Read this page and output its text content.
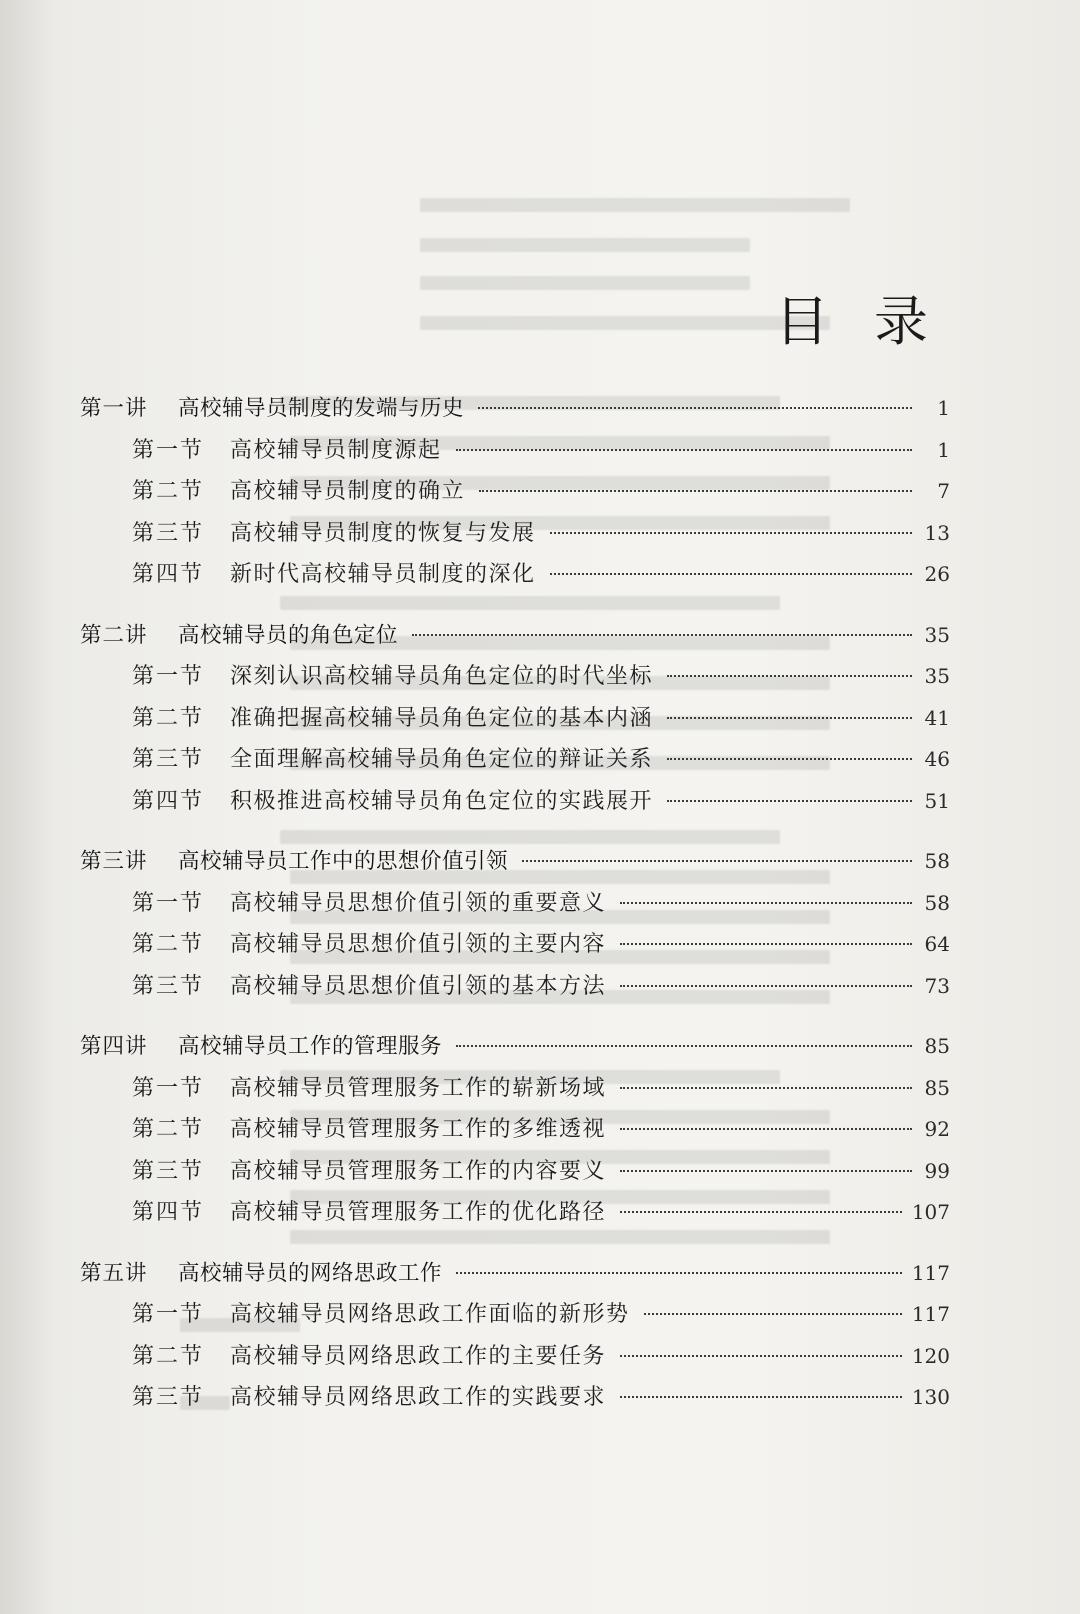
目 录
第一讲	高校辅导员制度的发端与历史	1
第一节	高校辅导员制度源起	1
第二节	高校辅导员制度的确立	7
第三节	高校辅导员制度的恢复与发展	13
第四节	新时代高校辅导员制度的深化	26
第二讲	高校辅导员的角色定位	35
第一节	深刻认识高校辅导员角色定位的时代坐标	35
第二节	准确把握高校辅导员角色定位的基本内涵	41
第三节	全面理解高校辅导员角色定位的辩证关系	46
第四节	积极推进高校辅导员角色定位的实践展开	51
第三讲	高校辅导员工作中的思想价值引领	58
第一节	高校辅导员思想价值引领的重要意义	58
第二节	高校辅导员思想价值引领的主要内容	64
第三节	高校辅导员思想价值引领的基本方法	73
第四讲	高校辅导员工作的管理服务	85
第一节	高校辅导员管理服务工作的崭新场域	85
第二节	高校辅导员管理服务工作的多维透视	92
第三节	高校辅导员管理服务工作的内容要义	99
第四节	高校辅导员管理服务工作的优化路径	107
第五讲	高校辅导员的网络思政工作	117
第一节	高校辅导员网络思政工作面临的新形势	117
第二节	高校辅导员网络思政工作的主要任务	120
第三节	高校辅导员网络思政工作的实践要求	130
